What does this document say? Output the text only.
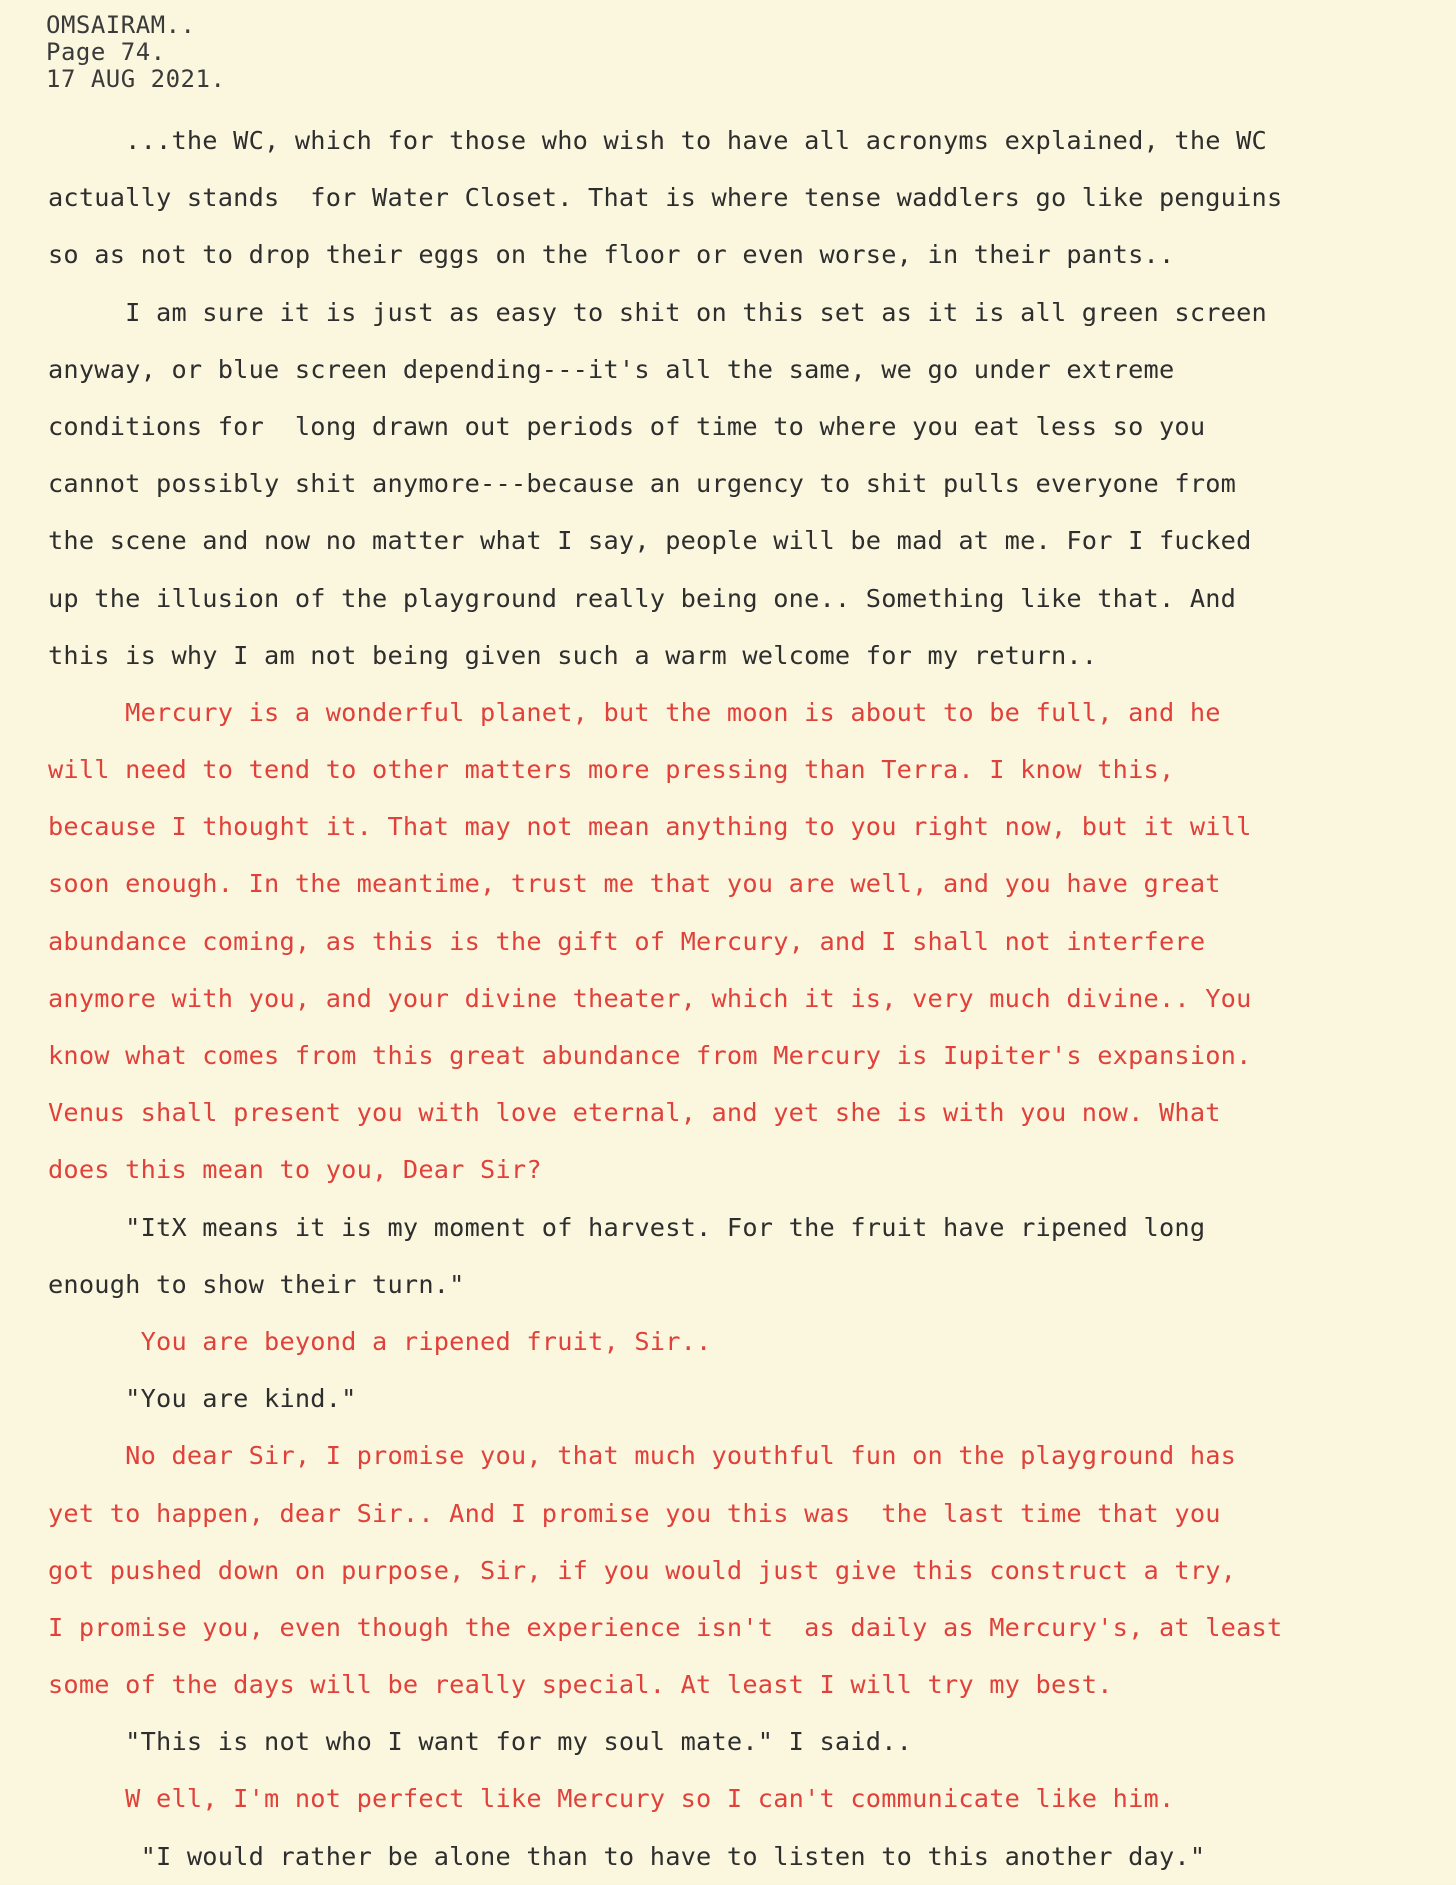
OMSAIRAM..
Page 74.
17 AUG 2021.
...the WC, which for those who wish to have all acronyms explained, the WC
actually stands  for Water Closet. That is where tense waddlers go like penguins
so as not to drop their eggs on the floor or even worse, in their pants..
I am sure it is just as easy to shit on this set as it is all green screen
anyway, or blue screen depending---it's all the same, we go under extreme
conditions for  long drawn out periods of time to where you eat less so you
cannot possibly shit anymore---because an urgency to shit pulls everyone from
the scene and now no matter what I say, people will be mad at me. For I fucked
up the illusion of the playground really being one.. Something like that. And
this is why I am not being given such a warm welcome for my return..
Mercury is a wonderful planet, but the moon is about to be full, and he
will need to tend to other matters more pressing than Terra. I know this,
because I thought it. That may not mean anything to you right now, but it will
soon enough. In the meantime, trust me that you are well, and you have great
abundance coming, as this is the gift of Mercury, and I shall not interfere
anymore with you, and your divine theater, which it is, very much divine.. You
know what comes from this great abundance from Mercury is Iupiter's expansion.
Venus shall present you with love eternal, and yet she is with you now. What
does this mean to you, Dear Sir?
"ItX means it is my moment of harvest. For the fruit have ripened long
enough to show their turn."
You are beyond a ripened fruit, Sir..
"You are kind."
No dear Sir, I promise you, that much youthful fun on the playground has
yet to happen, dear Sir.. And I promise you this was  the last time that you
got pushed down on purpose, Sir, if you would just give this construct a try,
I promise you, even though the experience isn't  as daily as Mercury's, at least
some of the days will be really special. At least I will try my best.
"This is not who I want for my soul mate." I said..
W ell, I'm not perfect like Mercury so I can't communicate like him.
"I would rather be alone than to have to listen to this another day."
